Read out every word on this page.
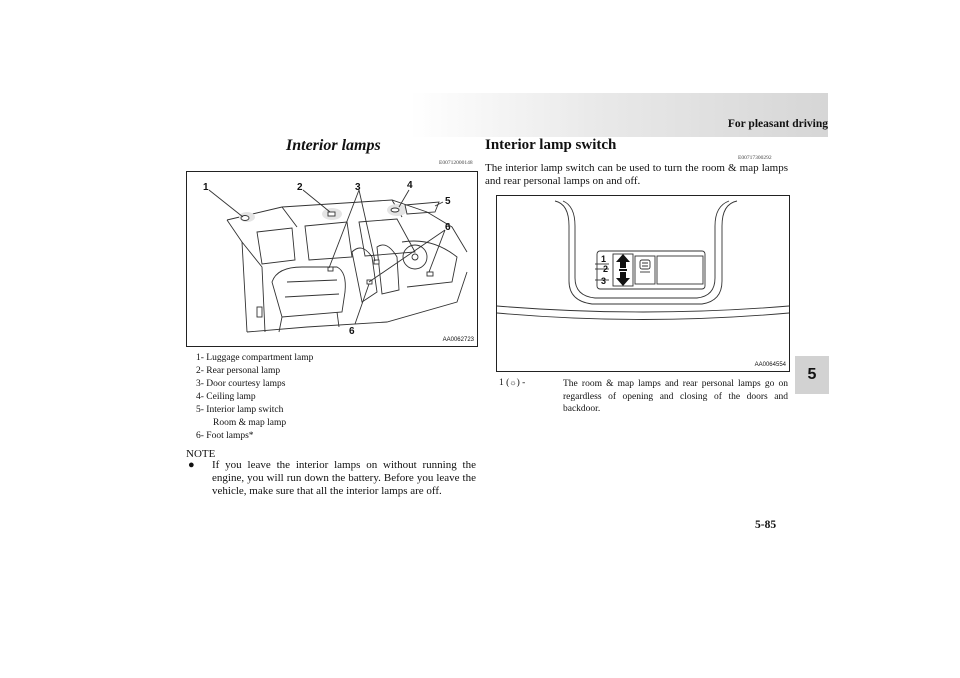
For pleasant driving
5
5-85
Interior lamps
E00712000148
1	2	3	4
5
6
6
AA0062723
1- Luggage compartment lamp
2- Rear personal lamp
3- Door courtesy lamps
4- Ceiling lamp
5- Interior lamp switch
Room & map lamp
6- Foot lamps*
NOTE
●	If you leave the interior lamps on without running the engine, you will run down the battery. Before you leave the vehicle, make sure that all the interior lamps are off.
Interior lamp switch
E00717300292
The interior lamp switch can be used to turn the room & map lamps and rear personal lamps on and off.
1
2
3
AA0064554
1 (☼) -	The room & map lamps and rear personal lamps go on regardless of opening and closing of the doors and backdoor.
